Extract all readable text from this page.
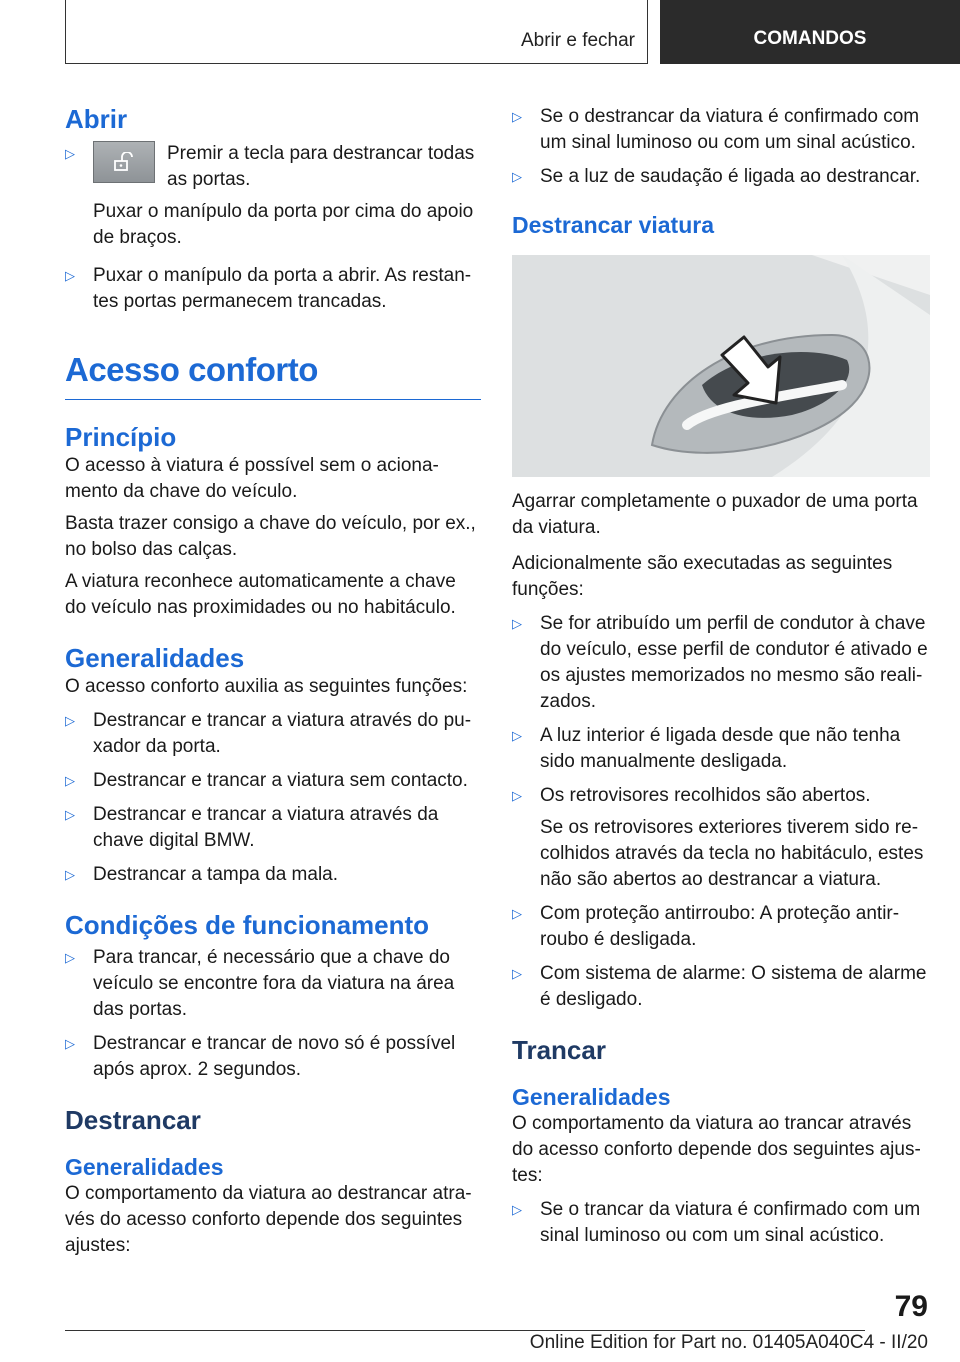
Abrir e fechar	COMANDOS
Abrir
▷	Premir a tecla para destrancar todas as portas.

Puxar o manípulo da porta por cima do apoio de braços.

▷ Puxar o manípulo da porta a abrir. As restantes portas permanecem trancadas.
Acesso conforto
Princípio

O acesso à viatura é possível sem o acionamento da chave do veículo.

Basta trazer consigo a chave do veículo, por ex., no bolso das calças.

A viatura reconhece automaticamente a chave do veículo nas proximidades ou no habitáculo.

Generalidades

O acesso conforto auxilia as seguintes funções:

▷ Destrancar e trancar a viatura através do puxador da porta.
▷ Destrancar e trancar a viatura sem contacto.
▷ Destrancar e trancar a viatura através da chave digital BMW.
▷ Destrancar a tampa da mala.
Condições de funcionamento
▷ Para trancar, é necessário que a chave do veículo se encontre fora da viatura na área das portas.
▷ Destrancar e trancar de novo só é possível após aprox. 2 segundos.
Destrancar
Generalidades

O comportamento da viatura ao destrancar através do acesso conforto depende dos seguintes ajustes:

▷ Se o destrancar da viatura é confirmado com um sinal luminoso ou com um sinal acústico.
▷ Se a luz de saudação é ligada ao destrancar.
Destrancar viatura

Agarrar completamente o puxador de uma porta da viatura.

Adicionalmente são executadas as seguintes funções:

▷ Se for atribuído um perfil de condutor à chave do veículo, esse perfil de condutor é ativado e os ajustes memorizados no mesmo são realizados.
▷ A luz interior é ligada desde que não tenha sido manualmente desligada.
▷ Os retrovisores recolhidos são abertos.

Se os retrovisores exteriores tiverem sido recolhidos através da tecla no habitáculo, estes não são abertos ao destrancar a viatura.

▷ Com proteção antirroubo: A proteção antirroubo é desligada.
▷ Com sistema de alarme: O sistema de alarme é desligado.
Trancar
Generalidades

O comportamento da viatura ao trancar através do acesso conforto depende dos seguintes ajustes:

▷ Se o trancar da viatura é confirmado com um sinal luminoso ou com um sinal acústico.
79
Online Edition for Part no. 01405A040C4 - II/20
